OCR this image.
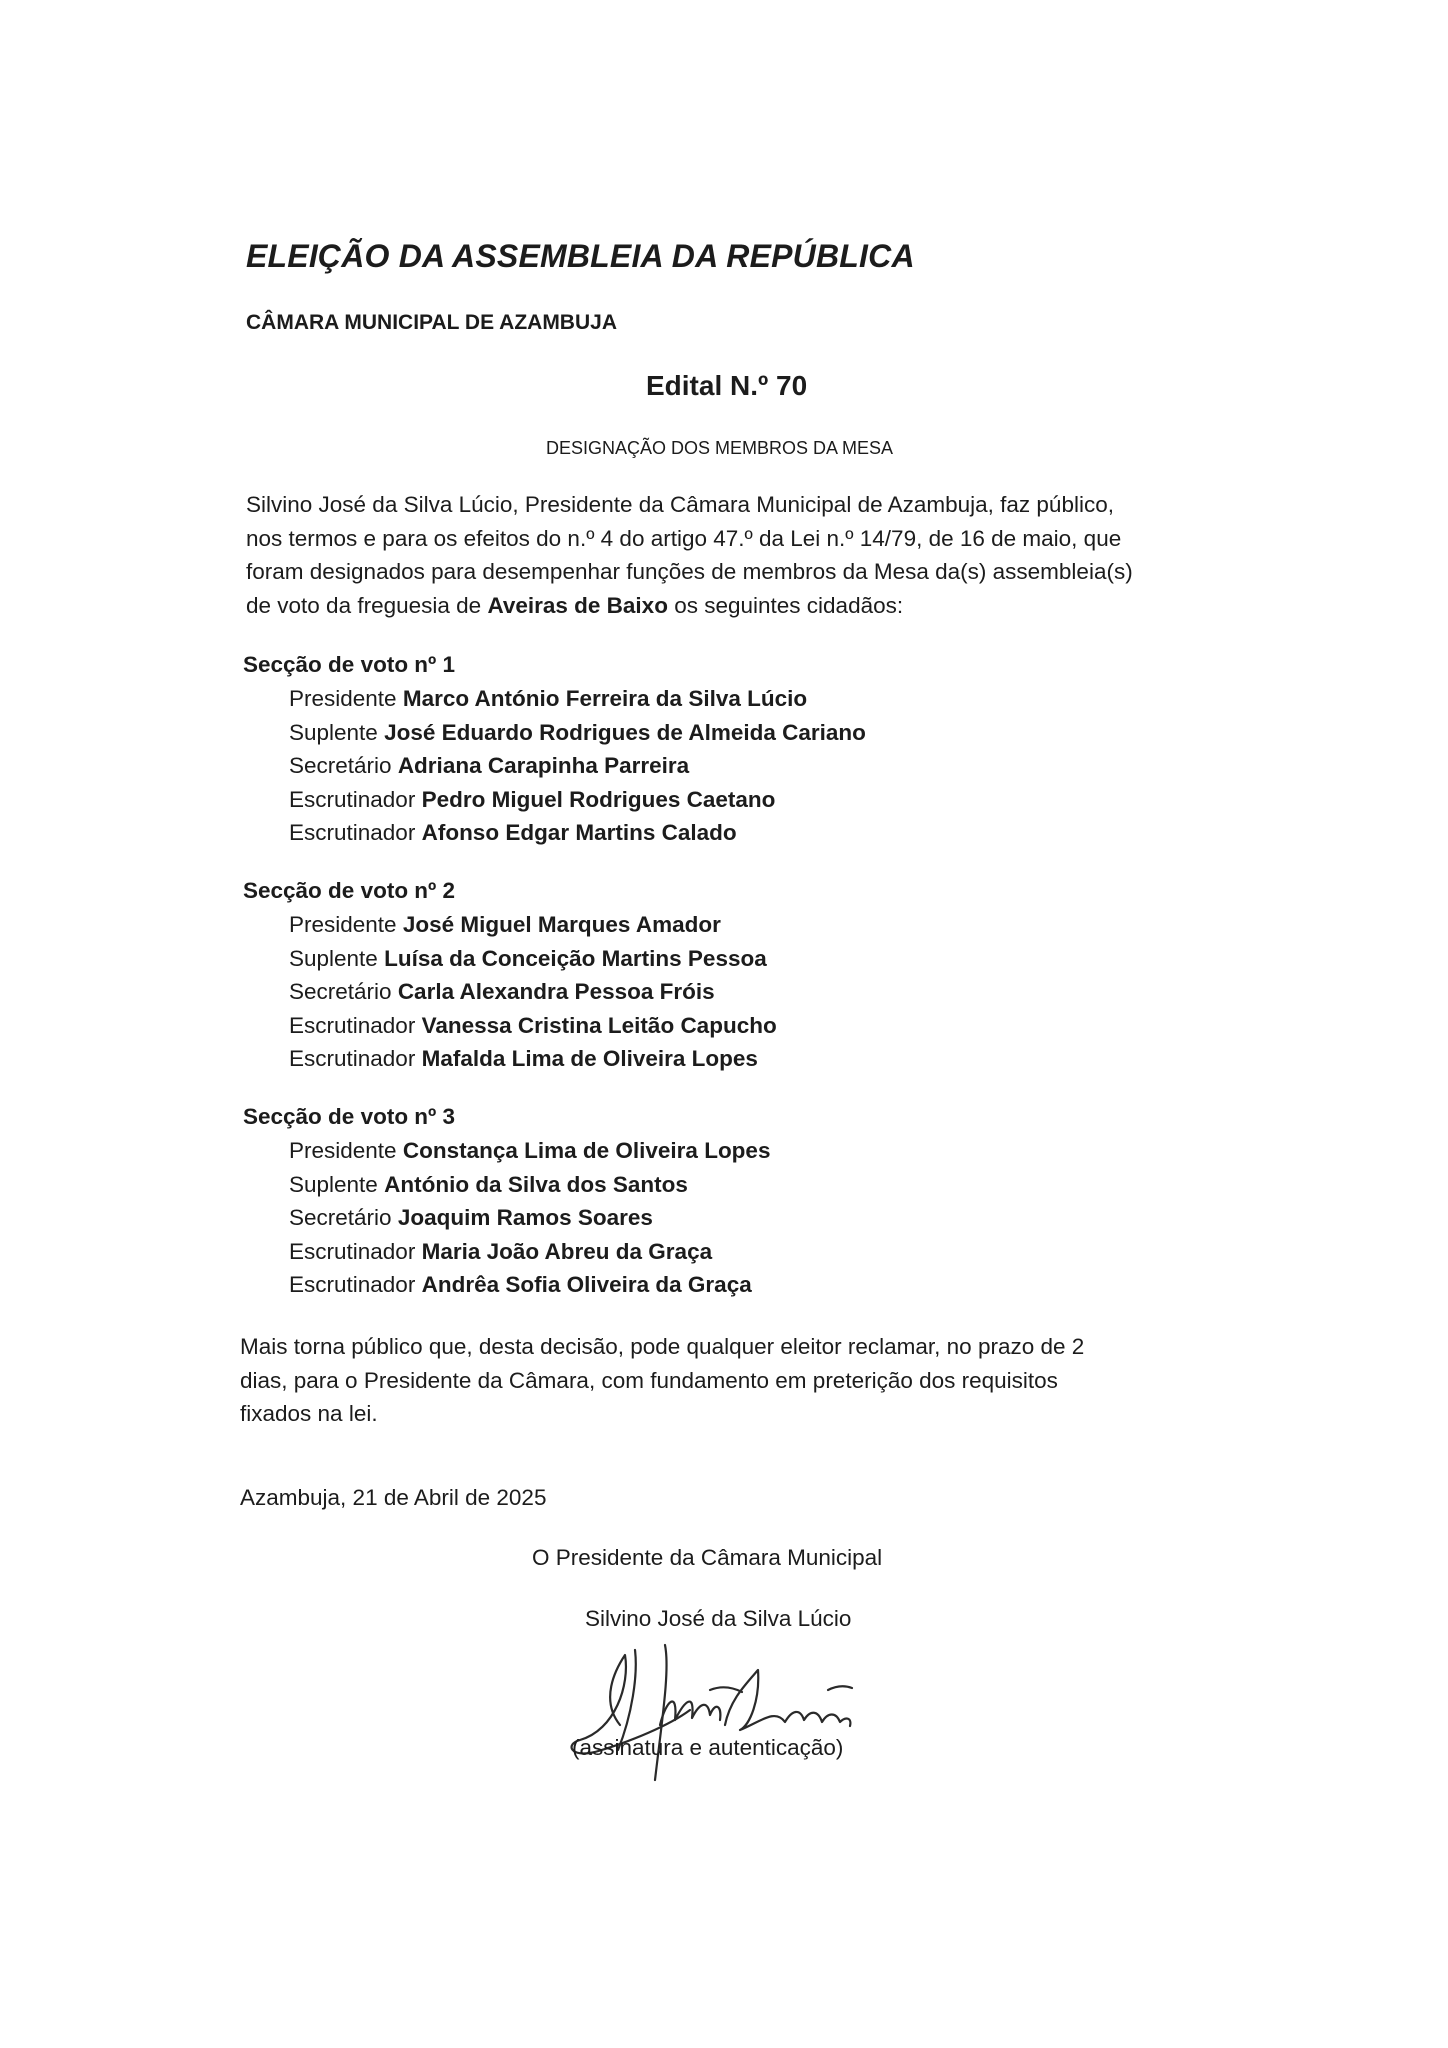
ELEIÇÃO DA ASSEMBLEIA DA REPÚBLICA
CÂMARA MUNICIPAL DE AZAMBUJA
Edital N.º 70
DESIGNAÇÃO DOS MEMBROS DA MESA
Silvino José da Silva Lúcio, Presidente da Câmara Municipal de Azambuja, faz público,
nos termos e para os efeitos do n.º 4 do artigo 47.º da Lei n.º 14/79, de 16 de maio, que
foram designados para desempenhar funções de membros da Mesa da(s) assembleia(s)
de voto da freguesia de Aveiras de Baixo os seguintes cidadãos:
Secção de voto nº 1
Presidente Marco António Ferreira da Silva Lúcio
Suplente José Eduardo Rodrigues de Almeida Cariano
Secretário Adriana Carapinha Parreira
Escrutinador Pedro Miguel Rodrigues Caetano
Escrutinador Afonso Edgar Martins Calado
Secção de voto nº 2
Presidente José Miguel Marques Amador
Suplente Luísa da Conceição Martins Pessoa
Secretário Carla Alexandra Pessoa Fróis
Escrutinador Vanessa Cristina Leitão Capucho
Escrutinador Mafalda Lima de Oliveira Lopes
Secção de voto nº 3
Presidente Constança Lima de Oliveira Lopes
Suplente António da Silva dos Santos
Secretário Joaquim Ramos Soares
Escrutinador Maria João Abreu da Graça
Escrutinador Andrêa Sofia Oliveira da Graça
Mais torna público que, desta decisão, pode qualquer eleitor reclamar, no prazo de 2
dias, para o Presidente da Câmara, com fundamento em preterição dos requisitos
fixados na lei.
Azambuja, 21 de Abril de 2025
O Presidente da Câmara Municipal
Silvino José da Silva Lúcio
(assinatura e autenticação)
